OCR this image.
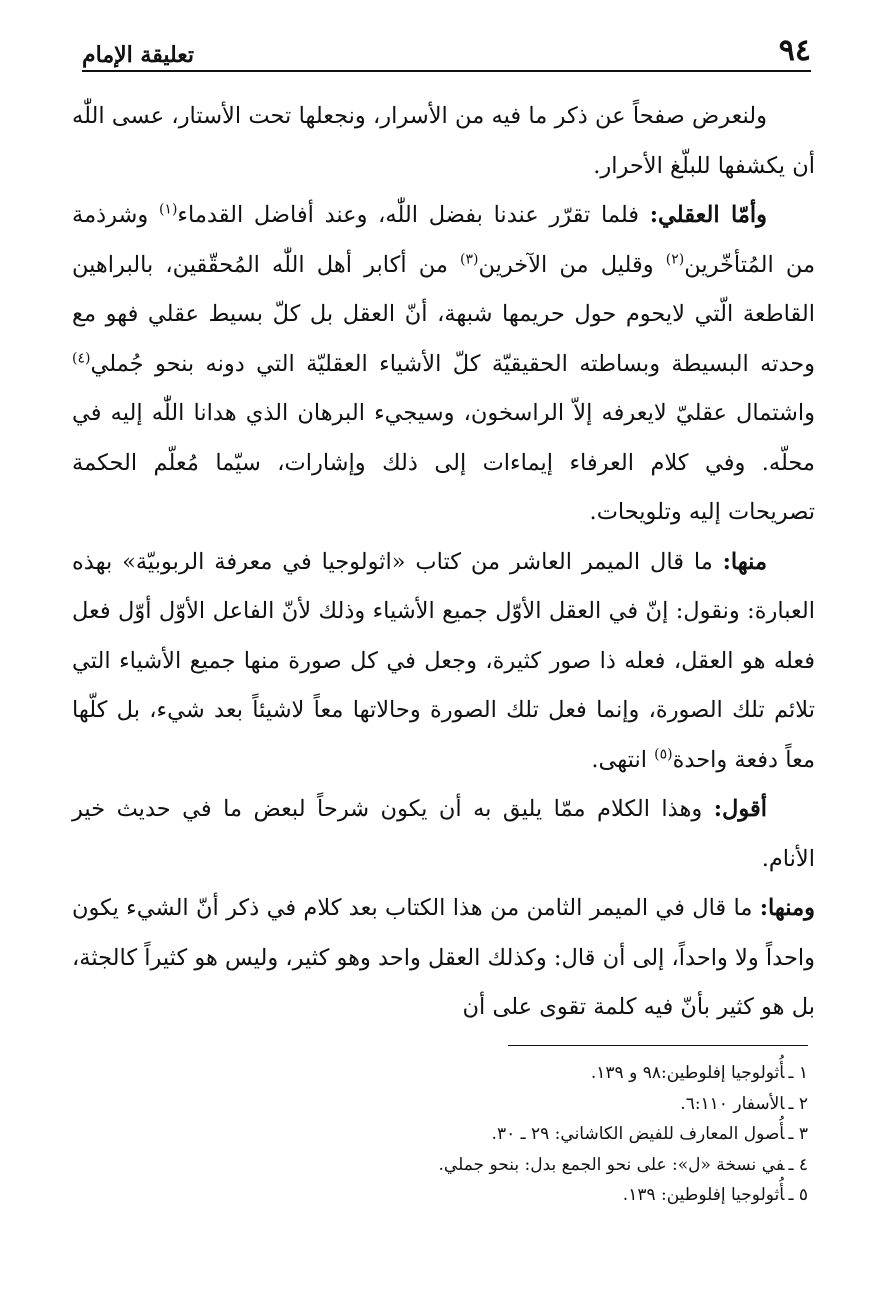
٩٤
تعليقة الإمام

ولنعرض صفحاً عن ذكر ما فيه من الأسرار، ونجعلها تحت الأستار، عسى اللّٰه أن يكشفها للبلّغ الأحرار.

وأمّا العقلي: فلما تقرّر عندنا بفضل اللّٰه، وعند أفاضل القدماء$^{(١)}$ وشرذمة من المُتأخّرين$^{(٢)}$ وقليل من الآخرين$^{(٣)}$ من أكابر أهل اللّٰه المُحقّقين، بالبراهين القاطعة الّتي لايحوم حول حريمها شبهة، أنّ العقل بل كلّ بسيط عقلي فهو مع وحدته البسيطة وبساطته الحقيقيّة كلّ الأشياء العقليّة التي دونه بنحو جُملي$^{(٤)}$ واشتمال عقليّ لايعرفه إلاّ الراسخون، وسيجيء البرهان الذي هدانا اللّٰه إليه في محلّه. وفي كلام العرفاء إيماءات إلى ذلك وإشارات، سيّما مُعلّم الحكمة تصريحات إليه وتلويحات.

منها: ما قال الميمر العاشر من كتاب «اثولوجيا في معرفة الربوبيّة» بهذه العبارة: ونقول: إنّ في العقل الأوّل جميع الأشياء وذلك لأنّ الفاعل الأوّل أوّل فعل فعله هو العقل، فعله ذا صور كثيرة، وجعل في كل صورة منها جميع الأشياء التي تلائم تلك الصورة، وإنما فعل تلك الصورة وحالاتها معاً لاشيئاً بعد شيء، بل كلّها معاً دفعة واحدة$^{(٥)}$ انتهى.

أقول: وهذا الكلام ممّا يليق به أن يكون شرحاً لبعض ما في حديث خير الأنام.

ومنها: ما قال في الميمر الثامن من هذا الكتاب بعد كلام في ذكر أنّ الشيء يكون واحداً ولا واحداً، إلى أن قال: وكذلك العقل واحد وهو كثير، وليس هو كثيراً كالجثة، بل هو كثير بأنّ فيه كلمة تقوى على أن

١ ـأُثولوجيا إفلوطين:٩٨ و ١٣٩.
٢ ـالأسفار ٦:١١٠.
٣ ـأُصول المعارف للفيض الكاشاني: ٢٩ ـ ٣٠.
٤ ـفي نسخة «ل»: على نحو الجمع بدل: بنحو جملي.
٥ ـأُثولوجيا إفلوطين: ١٣٩.
